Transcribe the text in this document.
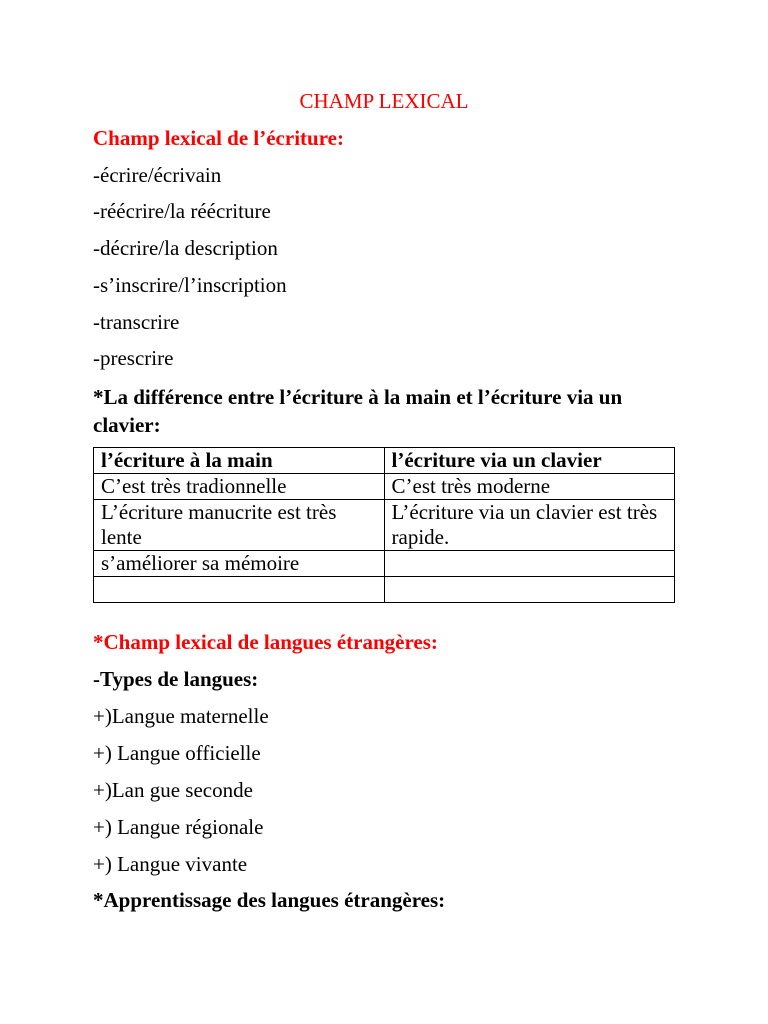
CHAMP LEXICAL
Champ lexical de l’écriture:
-écrire/écrivain
-réécrire/la réécriture
-décrire/la description
-s’inscrire/l’inscription
-transcrire
-prescrire
*La différence entre l’écriture à la main et l’écriture via un clavier:
l’écriture à la main	l’écriture via un clavier
C’est très tradionnelle	C’est très moderne
L’écriture manucrite est très lente	L’écriture via un clavier est très rapide.
s’améliorer sa mémoire	

*Champ lexical de langues étrangères:
-Types de langues:
+)Langue maternelle
+) Langue officielle
+)Lan gue seconde
+) Langue régionale
+) Langue vivante
*Apprentissage des langues étrangères:
